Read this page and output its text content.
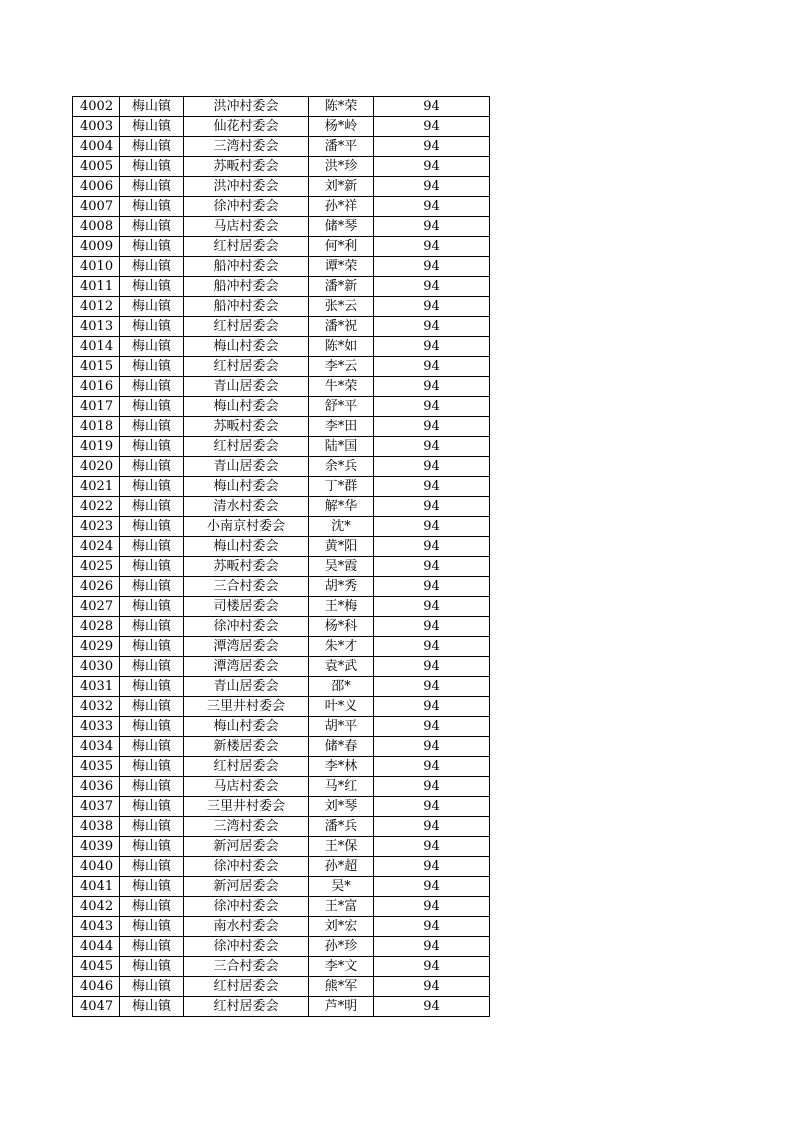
4002	梅山镇	洪冲村委会	陈*荣	94
4003	梅山镇	仙花村委会	杨*岭	94
4004	梅山镇	三湾村委会	潘*平	94
4005	梅山镇	苏畈村委会	洪*珍	94
4006	梅山镇	洪冲村委会	刘*新	94
4007	梅山镇	徐冲村委会	孙*祥	94
4008	梅山镇	马店村委会	储*琴	94
4009	梅山镇	红村居委会	何*利	94
4010	梅山镇	船冲村委会	谭*荣	94
4011	梅山镇	船冲村委会	潘*新	94
4012	梅山镇	船冲村委会	张*云	94
4013	梅山镇	红村居委会	潘*祝	94
4014	梅山镇	梅山村委会	陈*如	94
4015	梅山镇	红村居委会	李*云	94
4016	梅山镇	青山居委会	牛*荣	94
4017	梅山镇	梅山村委会	舒*平	94
4018	梅山镇	苏畈村委会	李*田	94
4019	梅山镇	红村居委会	陆*国	94
4020	梅山镇	青山居委会	余*兵	94
4021	梅山镇	梅山村委会	丁*群	94
4022	梅山镇	清水村委会	解*华	94
4023	梅山镇	小南京村委会	沈*	94
4024	梅山镇	梅山村委会	黄*阳	94
4025	梅山镇	苏畈村委会	吴*霞	94
4026	梅山镇	三合村委会	胡*秀	94
4027	梅山镇	司楼居委会	王*梅	94
4028	梅山镇	徐冲村委会	杨*科	94
4029	梅山镇	潭湾居委会	朱*才	94
4030	梅山镇	潭湾居委会	袁*武	94
4031	梅山镇	青山居委会	邵*	94
4032	梅山镇	三里井村委会	叶*义	94
4033	梅山镇	梅山村委会	胡*平	94
4034	梅山镇	新楼居委会	储*春	94
4035	梅山镇	红村居委会	李*林	94
4036	梅山镇	马店村委会	马*红	94
4037	梅山镇	三里井村委会	刘*琴	94
4038	梅山镇	三湾村委会	潘*兵	94
4039	梅山镇	新河居委会	王*保	94
4040	梅山镇	徐冲村委会	孙*超	94
4041	梅山镇	新河居委会	吴*	94
4042	梅山镇	徐冲村委会	王*富	94
4043	梅山镇	南水村委会	刘*宏	94
4044	梅山镇	徐冲村委会	孙*珍	94
4045	梅山镇	三合村委会	李*文	94
4046	梅山镇	红村居委会	熊*军	94
4047	梅山镇	红村居委会	芦*明	94
